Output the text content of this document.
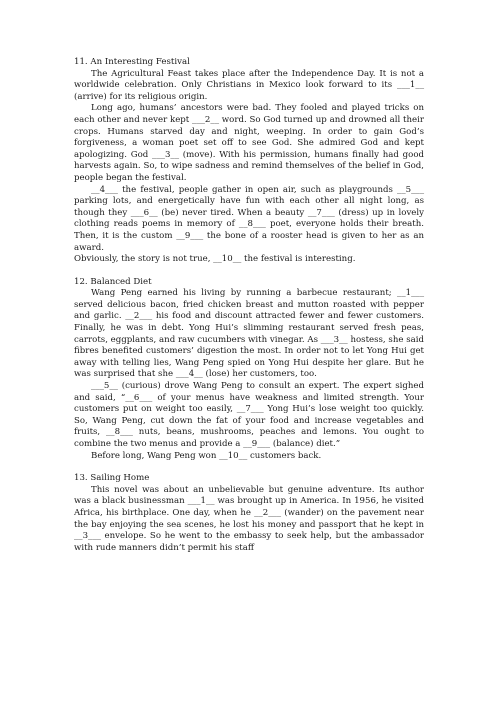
11. An Interesting Festival

The Agricultural Feast takes place after the Independence Day. It is not a worldwide celebration. Only Christians in Mexico look forward to its ___1__ (arrive) for its religious origin.

Long ago, humans’ ancestors were bad. They fooled and played tricks on each other and never kept ___2__ word. So God turned up and drowned all their crops. Humans starved day and night, weeping. In order to gain God’s forgiveness, a woman poet set off to see God. She admired God and kept apologizing. God ___3__ (move). With his permission, humans finally had good harvests again. So, to wipe sadness and remind themselves of the belief in God, people began the festival.

__4___ the festival, people gather in open air, such as playgrounds __5___ parking lots, and energetically have fun with each other all night long, as though they ___6__ (be) never tired. When a beauty __7___ (dress) up in lovely clothing reads poems in memory of __8___ poet, everyone holds their breath. Then, it is the custom __9___ the bone of a rooster head is given to her as an award.

Obviously, the story is not true, __10__ the festival is interesting.

12. Balanced Diet

Wang Peng earned his living by running a barbecue restaurant; __1___ served delicious bacon, fried chicken breast and mutton roasted with pepper and garlic. __2___ his food and discount attracted fewer and fewer customers. Finally, he was in debt. Yong Hui’s slimming restaurant served fresh peas, carrots, eggplants, and raw cucumbers with vinegar. As ___3__ hostess, she said fibres benefited customers’ digestion the most. In order not to let Yong Hui get away with telling lies, Wang Peng spied on Yong Hui despite her glare. But he was surprised that she ___4__ (lose) her customers, too.

___5__ (curious) drove Wang Peng to consult an expert. The expert sighed and said, “__6___ of your menus have weakness and limited strength. Your customers put on weight too easily, __7___ Yong Hui’s lose weight too quickly. So, Wang Peng, cut down the fat of your food and increase vegetables and fruits, __8___ nuts, beans, mushrooms, peaches and lemons. You ought to combine the two menus and provide a __9___ (balance) diet.”

Before long, Wang Peng won __10__ customers back.

13. Sailing Home

This novel was about an unbelievable but genuine adventure. Its author was a black businessman ___1__ was brought up in America. In 1956, he visited Africa, his birthplace. One day, when he __2___ (wander) on the pavement near the bay enjoying the sea scenes, he lost his money and passport that he kept in __3___ envelope. So he went to the embassy to seek help, but the ambassador with rude manners didn’t permit his staff
